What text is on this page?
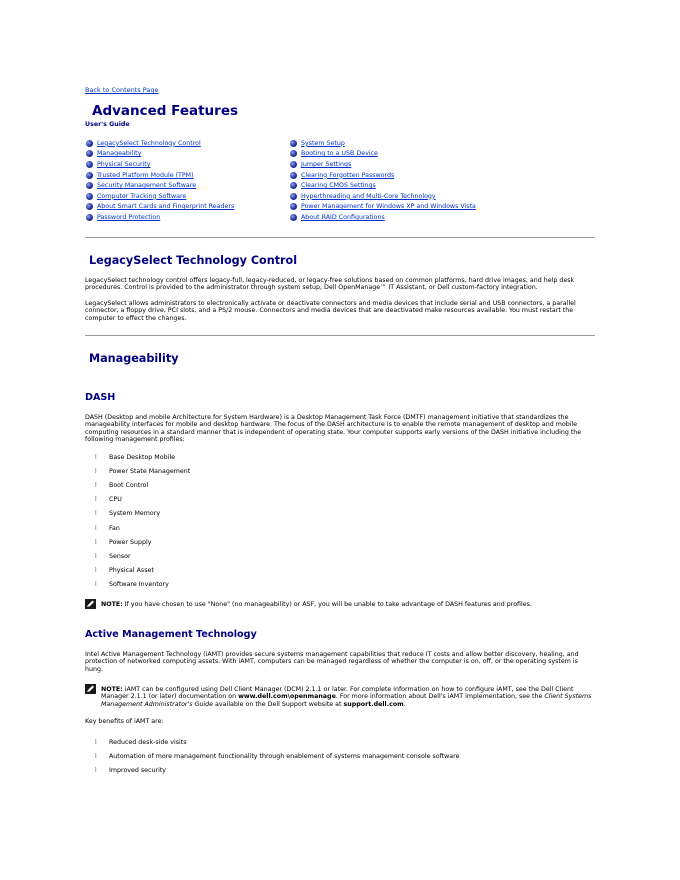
Back to Contents Page
Advanced Features
User's Guide
LegacySelect Technology Control
Manageability
Physical Security
Trusted Platform Module (TPM)
Security Management Software
Computer Tracking Software
About Smart Cards and Fingerprint Readers
Password Protection
System Setup
Booting to a USB Device
Jumper Settings
Clearing Forgotten Passwords
Clearing CMOS Settings
Hyperthreading and Multi-Core Technology
Power Management for Windows XP and Windows Vista
About RAID Configurations
LegacySelect Technology Control

LegacySelect technology control offers legacy-full, legacy-reduced, or legacy-free solutions based on common platforms, hard drive images, and help desk procedures. Control is provided to the administrator through system setup, Dell OpenManage™ IT Assistant, or Dell custom-factory integration.

LegacySelect allows administrators to electronically activate or deactivate connectors and media devices that include serial and USB connectors, a parallel connector, a floppy drive, PCI slots, and a PS/2 mouse. Connectors and media devices that are deactivated make resources available. You must restart the computer to effect the changes.

Manageability
DASH

DASH (Desktop and mobile Architecture for System Hardware) is a Desktop Management Task Force (DMTF) management initiative that standardizes the manageability interfaces for mobile and desktop hardware. The focus of the DASH architecture is to enable the remote management of desktop and mobile computing resources in a standard manner that is independent of operating state. Your computer supports early versions of the DASH initiative including the following management profiles:

l	Base Desktop Mobile
l	Power State Management
l	Boot Control
l	CPU
l	System Memory
l	Fan
l	Power Supply
l	Sensor
l	Physical Asset
l	Software Inventory
NOTE: If you have chosen to use "None" (no manageability) or ASF, you will be unable to take advantage of DASH features and profiles.
Active Management Technology

Intel Active Management Technology (iAMT) provides secure systems management capabilities that reduce IT costs and allow better discovery, healing, and protection of networked computing assets. With iAMT, computers can be managed regardless of whether the computer is on, off, or the operating system is hung.

NOTE: iAMT can be configured using Dell Client Manager (DCM) 2.1.1 or later. For complete information on how to configure iAMT, see the Dell Client Manager 2.1.1 (or later) documentation on www.dell.com\openmanage. For more information about Dell's iAMT implementation, see the Client Systems Management Administrator's Guide available on the Dell Support website at support.dell.com.

Key benefits of iAMT are:

l	Reduced desk-side visits
l	Automation of more management functionality through enablement of systems management console software
l	Improved security
